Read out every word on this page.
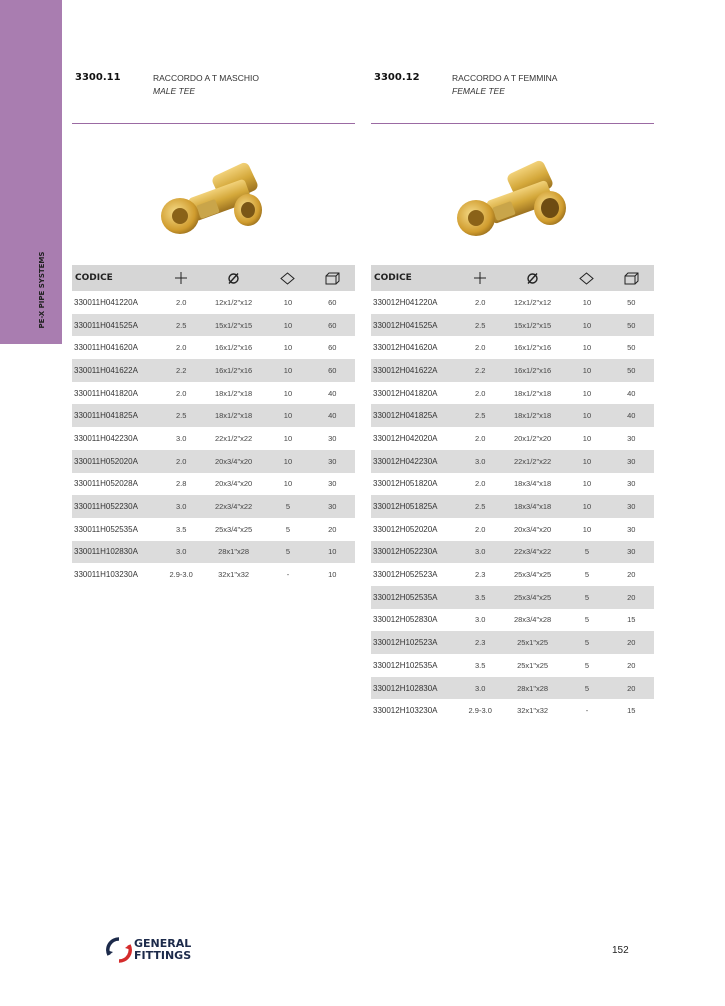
PE-X PIPE SYSTEMS
3300.11	RACCORDO A T MASCHIO
MALE TEE
3300.12	RACCORDO A T FEMMINA
FEMALE TEE
CODICE				
330011H041220A	2.0	12x1/2"x12	10	60
330011H041525A	2.5	15x1/2"x15	10	60
330011H041620A	2.0	16x1/2"x16	10	60
330011H041622A	2.2	16x1/2"x16	10	60
330011H041820A	2.0	18x1/2"x18	10	40
330011H041825A	2.5	18x1/2"x18	10	40
330011H042230A	3.0	22x1/2"x22	10	30
330011H052020A	2.0	20x3/4"x20	10	30
330011H052028A	2.8	20x3/4"x20	10	30
330011H052230A	3.0	22x3/4"x22	5	30
330011H052535A	3.5	25x3/4"x25	5	20
330011H102830A	3.0	28x1"x28	5	10
330011H103230A	2.9-3.0	32x1"x32	-	10
CODICE				
330012H041220A	2.0	12x1/2"x12	10	50
330012H041525A	2.5	15x1/2"x15	10	50
330012H041620A	2.0	16x1/2"x16	10	50
330012H041622A	2.2	16x1/2"x16	10	50
330012H041820A	2.0	18x1/2"x18	10	40
330012H041825A	2.5	18x1/2"x18	10	40
330012H042020A	2.0	20x1/2"x20	10	30
330012H042230A	3.0	22x1/2"x22	10	30
330012H051820A	2.0	18x3/4"x18	10	30
330012H051825A	2.5	18x3/4"x18	10	30
330012H052020A	2.0	20x3/4"x20	10	30
330012H052230A	3.0	22x3/4"x22	5	30
330012H052523A	2.3	25x3/4"x25	5	20
330012H052535A	3.5	25x3/4"x25	5	20
330012H052830A	3.0	28x3/4"x28	5	15
330012H102523A	2.3	25x1"x25	5	20
330012H102535A	3.5	25x1"x25	5	20
330012H102830A	3.0	28x1"x28	5	20
330012H103230A	2.9-3.0	32x1"x32	-	15
GENERAL
FITTINGS	152
